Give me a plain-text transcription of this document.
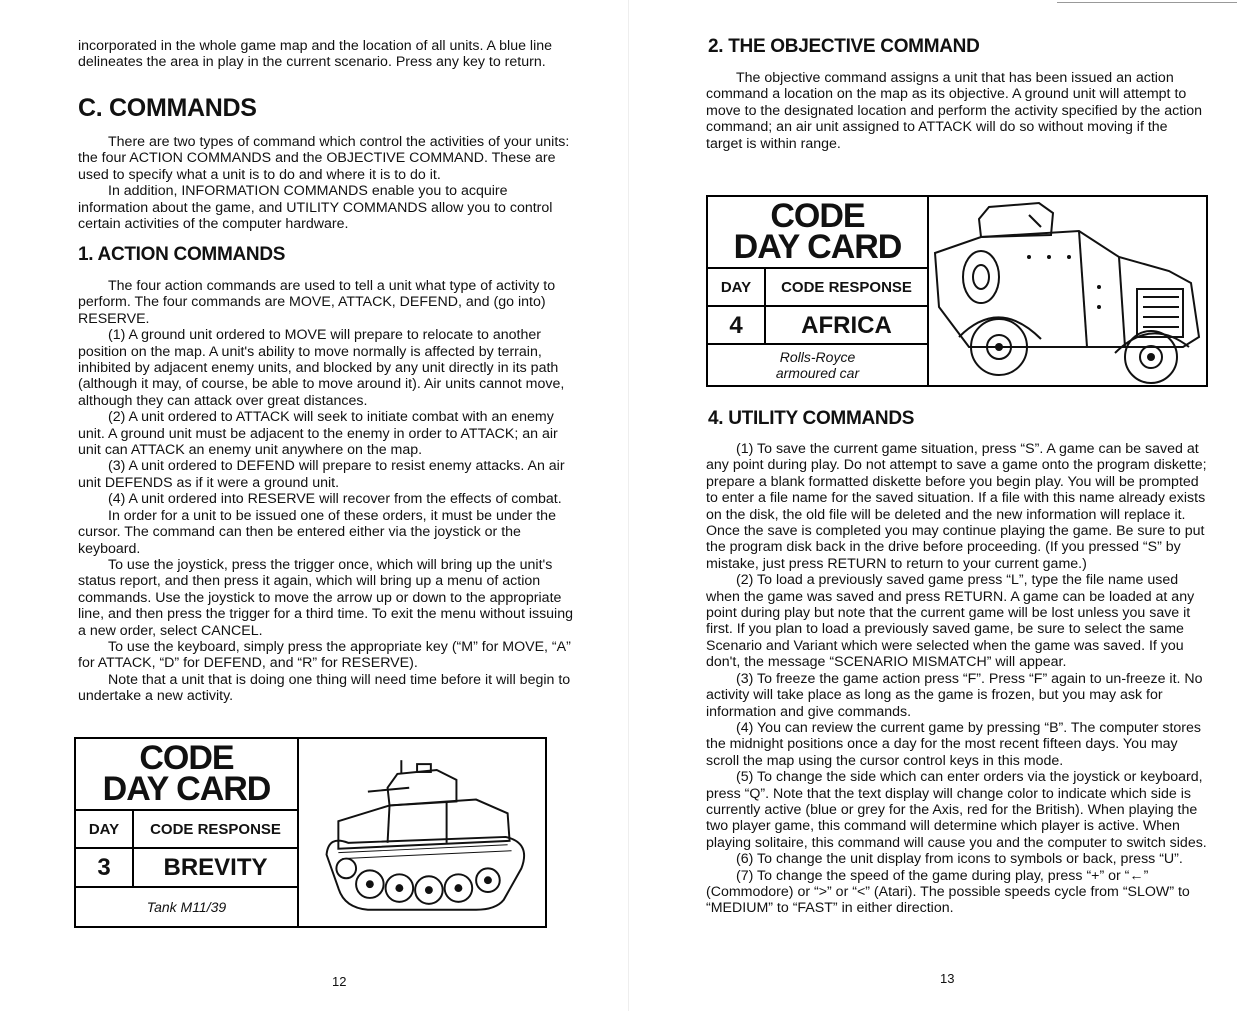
incorporated in the whole game map and the location of all units. A blue line delineates the area in play in the current scenario. Press any key to return.

C. COMMANDS

There are two types of command which control the activities of your units: the four ACTION COMMANDS and the OBJECTIVE COMMAND. These are used to specify what a unit is to do and where it is to do it.

In addition, INFORMATION COMMANDS enable you to acquire information about the game, and UTILITY COMMANDS allow you to control certain activities of the computer hardware.

1. ACTION COMMANDS

The four action commands are used to tell a unit what type of activity to perform. The four commands are MOVE, ATTACK, DEFEND, and (go into) RESERVE.

(1) A ground unit ordered to MOVE will prepare to relocate to another position on the map. A unit's ability to move normally is affected by terrain, inhibited by adjacent enemy units, and blocked by any unit directly in its path (although it may, of course, be able to move around it). Air units cannot move, although they can attack over great distances.

(2) A unit ordered to ATTACK will seek to initiate combat with an enemy unit. A ground unit must be adjacent to the enemy in order to ATTACK; an air unit can ATTACK an enemy unit anywhere on the map.

(3) A unit ordered to DEFEND will prepare to resist enemy attacks. An air unit DEFENDS as if it were a ground unit.

(4) A unit ordered into RESERVE will recover from the effects of combat.

In order for a unit to be issued one of these orders, it must be under the cursor. The command can then be entered either via the joystick or the keyboard.

To use the joystick, press the trigger once, which will bring up the unit's status report, and then press it again, which will bring up a menu of action commands. Use the joystick to move the arrow up or down to the appropriate line, and then press the trigger for a third time. To exit the menu without issuing a new order, select CANCEL.

To use the keyboard, simply press the appropriate key (“M” for MOVE, “A” for ATTACK, “D” for DEFEND, and “R” for RESERVE).

Note that a unit that is doing one thing will need time before it will begin to undertake a new activity.

CODE
DAY CARD
DAY	CODE RESPONSE
3	BREVITY
Tank M11/39
12
2. THE OBJECTIVE COMMAND

The objective command assigns a unit that has been issued an action command a location on the map as its objective. A ground unit will attempt to move to the designated location and perform the activity specified by the action command; an air unit assigned to ATTACK will do so without moving if the target is within range.

CODE
DAY CARD
DAY	CODE RESPONSE
4	AFRICA
Rolls-Royce
armoured car
4. UTILITY COMMANDS

(1) To save the current game situation, press “S”. A game can be saved at any point during play. Do not attempt to save a game onto the program diskette; prepare a blank formatted diskette before you begin play. You will be prompted to enter a file name for the saved situation. If a file with this name already exists on the disk, the old file will be deleted and the new information will replace it. Once the save is completed you may continue playing the game. Be sure to put the program disk back in the drive before proceeding. (If you pressed “S” by mistake, just press RETURN to return to your current game.)

(2) To load a previously saved game press “L”, type the file name used when the game was saved and press RETURN. A game can be loaded at any point during play but note that the current game will be lost unless you save it first. If you plan to load a previously saved game, be sure to select the same Scenario and Variant which were selected when the game was saved. If you don't, the message “SCENARIO MISMATCH” will appear.

(3) To freeze the game action press “F”. Press “F” again to un-freeze it. No activity will take place as long as the game is frozen, but you may ask for information and give commands.

(4) You can review the current game by pressing “B”. The computer stores the midnight positions once a day for the most recent fifteen days. You may scroll the map using the cursor control keys in this mode.

(5) To change the side which can enter orders via the joystick or keyboard, press “Q”. Note that the text display will change color to indicate which side is currently active (blue or grey for the Axis, red for the British). When playing the two player game, this command will determine which player is active. When playing solitaire, this command will cause you and the computer to switch sides.

(6) To change the unit display from icons to symbols or back, press “U”.

(7) To change the speed of the game during play, press “+” or “←” (Commodore) or “>” or “<” (Atari). The possible speeds cycle from “SLOW” to “MEDIUM” to “FAST” in either direction.

13
